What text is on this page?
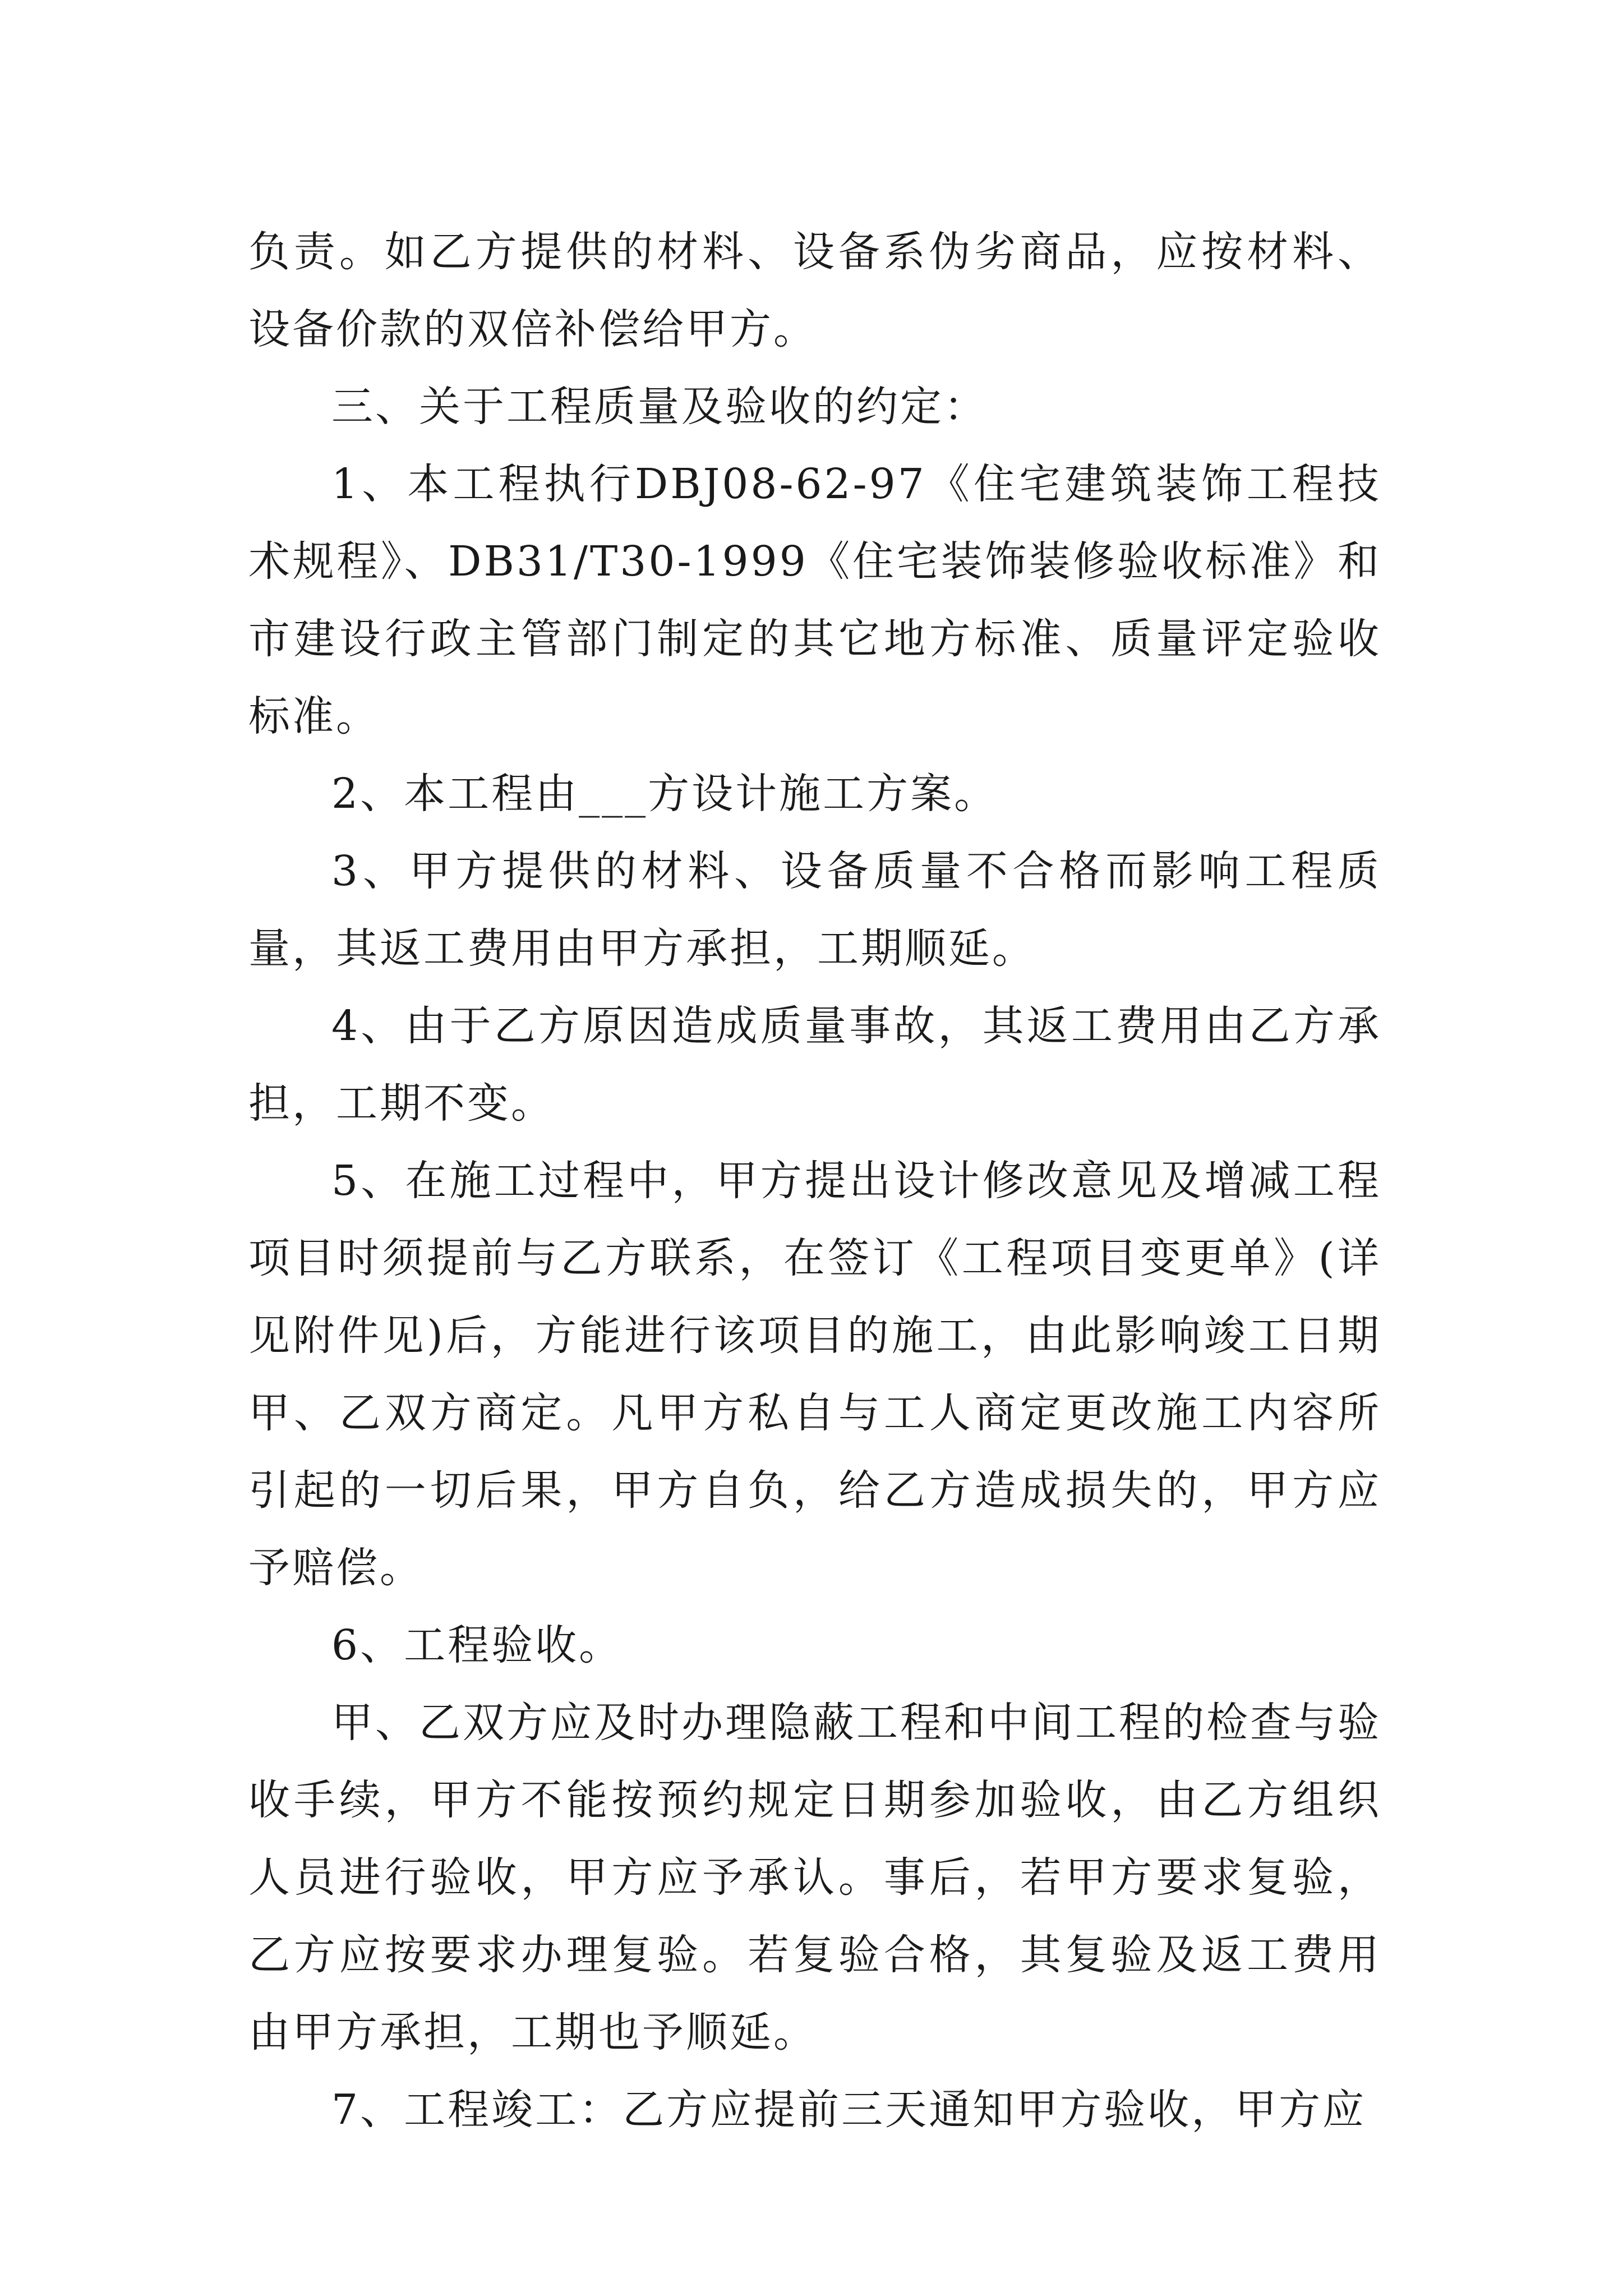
负责。如乙方提供的材料、设备系伪劣商品，应按材料、设备价款的双倍补偿给甲方。

三、关于工程质量及验收的约定：

1、本工程执行DBJ08-62-97《住宅建筑装饰工程技术规程》、DB31/T30-1999《住宅装饰装修验收标准》和市建设行政主管部门制定的其它地方标准、质量评定验收标准。

2、本工程由___方设计施工方案。

3、甲方提供的材料、设备质量不合格而影响工程质量，其返工费用由甲方承担，工期顺延。

4、由于乙方原因造成质量事故，其返工费用由乙方承担，工期不变。

5、在施工过程中，甲方提出设计修改意见及增减工程项目时须提前与乙方联系，在签订《工程项目变更单》(详见附件见)后，方能进行该项目的施工，由此影响竣工日期甲、乙双方商定。凡甲方私自与工人商定更改施工内容所引起的一切后果，甲方自负，给乙方造成损失的，甲方应予赔偿。

6、工程验收。

甲、乙双方应及时办理隐蔽工程和中间工程的检查与验收手续，甲方不能按预约规定日期参加验收，由乙方组织人员进行验收，甲方应予承认。事后，若甲方要求复验，乙方应按要求办理复验。若复验合格，其复验及返工费用由甲方承担，工期也予顺延。

7、工程竣工：乙方应提前三天通知甲方验收，甲方应
